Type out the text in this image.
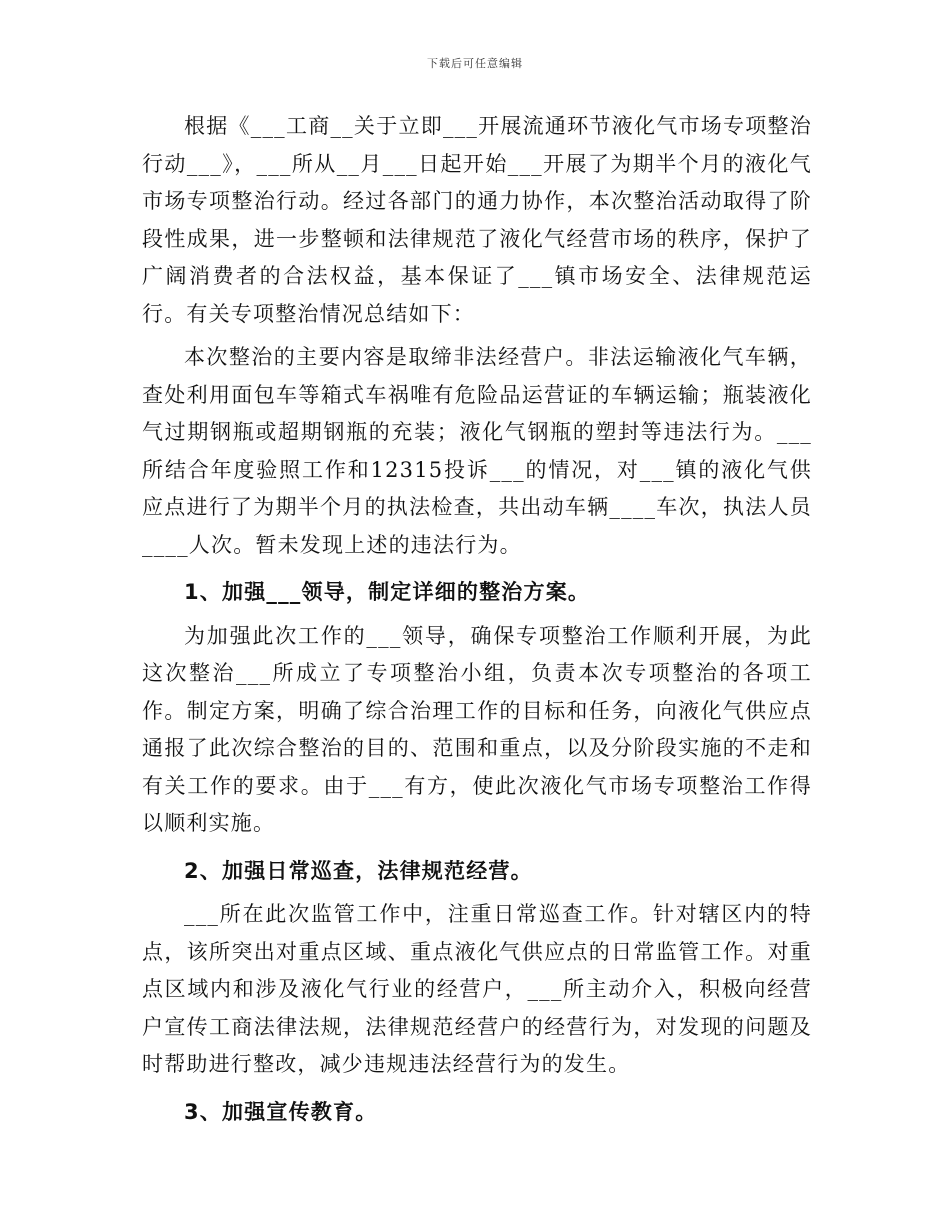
下载后可任意编辑

根据《___工商__关于立即___开展流通环节液化气市场专项整治行动___》，___所从__月___日起开始___开展了为期半个月的液化气市场专项整治行动。经过各部门的通力协作，本次整治活动取得了阶段性成果，进一步整顿和法律规范了液化气经营市场的秩序，保护了广阔消费者的合法权益，基本保证了___镇市场安全、法律规范运行。有关专项整治情况总结如下：

本次整治的主要内容是取缔非法经营户。非法运输液化气车辆，查处利用面包车等箱式车祸唯有危险品运营证的车辆运输；瓶装液化气过期钢瓶或超期钢瓶的充装；液化气钢瓶的塑封等违法行为。___所结合年度验照工作和12315投诉___的情况，对___镇的液化气供应点进行了为期半个月的执法检查，共出动车辆____车次，执法人员____人次。暂未发现上述的违法行为。

1、加强___领导，制定详细的整治方案。

为加强此次工作的___领导，确保专项整治工作顺利开展，为此这次整治___所成立了专项整治小组，负责本次专项整治的各项工作。制定方案，明确了综合治理工作的目标和任务，向液化气供应点通报了此次综合整治的目的、范围和重点，以及分阶段实施的不走和有关工作的要求。由于___有方，使此次液化气市场专项整治工作得以顺利实施。

2、加强日常巡查，法律规范经营。

___所在此次监管工作中，注重日常巡查工作。针对辖区内的特点，该所突出对重点区域、重点液化气供应点的日常监管工作。对重点区域内和涉及液化气行业的经营户，___所主动介入，积极向经营户宣传工商法律法规，法律规范经营户的经营行为，对发现的问题及时帮助进行整改，减少违规违法经营行为的发生。

3、加强宣传教育。
